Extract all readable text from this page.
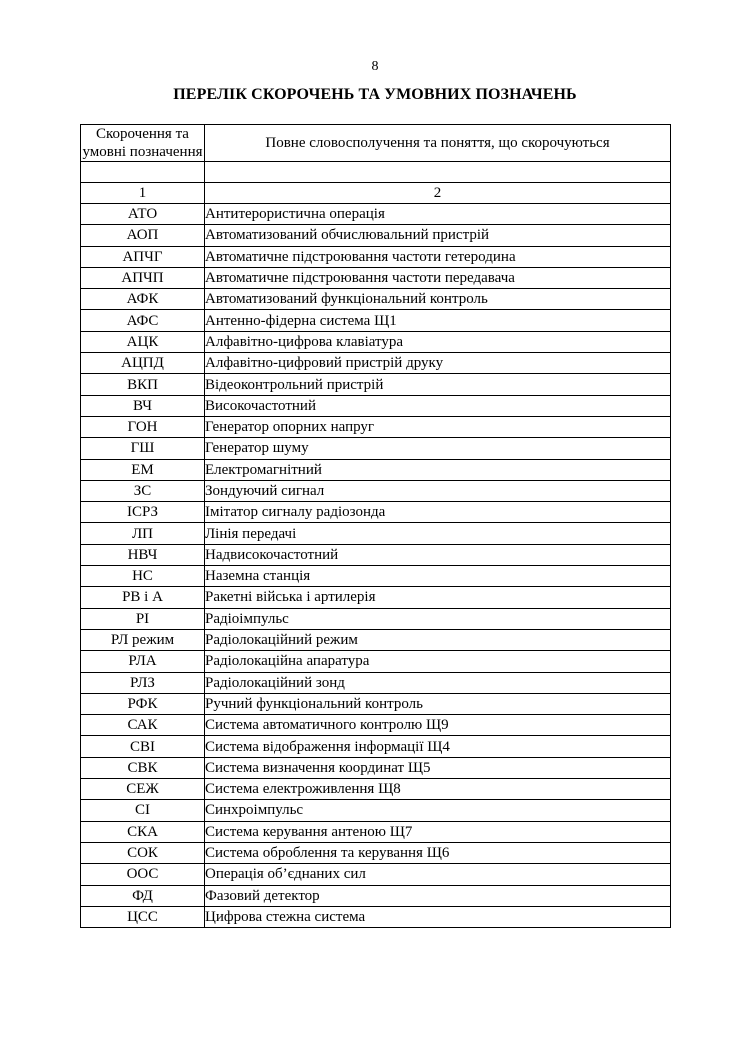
8
ПЕРЕЛІК СКОРОЧЕНЬ ТА УМОВНИХ ПОЗНАЧЕНЬ
Скорочення та умовні позначення	Повне словосполучення та поняття, що скорочуються

1	2
АТО	Антитерористична операція
АОП	Автоматизований обчислювальний пристрій
АПЧГ	Автоматичне підстроювання частоти гетеродина
АПЧП	Автоматичне підстроювання частоти передавача
АФК	Автоматизований функціональний контроль
АФС	Антенно-фідерна система Щ1
АЦК	Алфавітно-цифрова клавіатура
АЦПД	Алфавітно-цифровий пристрій друку
ВКП	Відеоконтрольний пристрій
ВЧ	Високочастотний
ГОН	Генератор опорних напруг
ГШ	Генератор шуму
ЕМ	Електромагнітний
ЗС	Зондуючий сигнал
ІСРЗ	Імітатор сигналу радіозонда
ЛП	Лінія передачі
НВЧ	Надвисокочастотний
НС	Наземна станція
РВ і А	Ракетні війська і артилерія
РІ	Радіоімпульс
РЛ режим	Радіолокаційний режим
РЛА	Радіолокаційна апаратура
РЛЗ	Радіолокаційний зонд
РФК	Ручний функціональний контроль
САК	Система автоматичного контролю Щ9
СВІ	Система відображення інформації Щ4
СВК	Система визначення координат Щ5
СЕЖ	Система електроживлення Щ8
СІ	Синхроімпульс
СКА	Система керування антеною Щ7
СОК	Система оброблення та керування Щ6
ООС	Операція об’єднаних сил
ФД	Фазовий детектор
ЦСС	Цифрова стежна система
